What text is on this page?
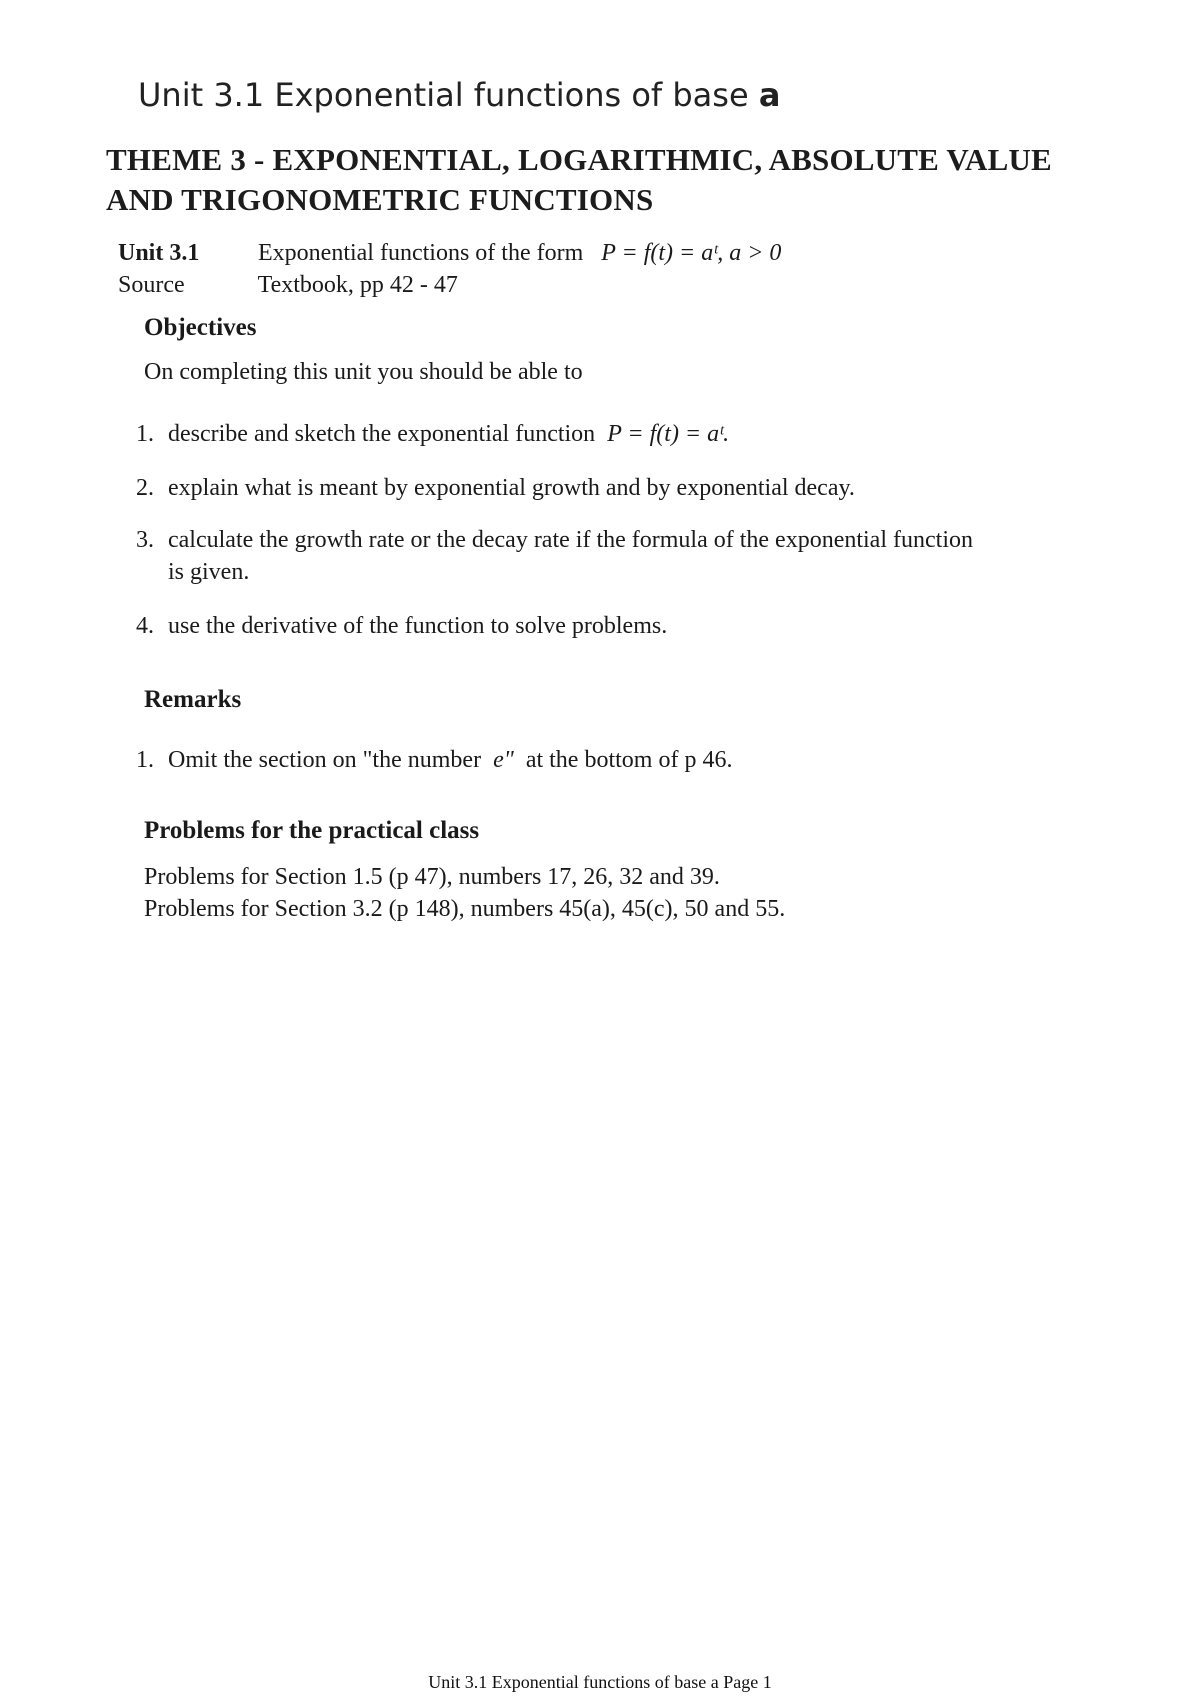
Unit 3.1 Exponential functions of base a
THEME 3 - EXPONENTIAL, LOGARITHMIC, ABSOLUTE VALUE
AND TRIGONOMETRIC FUNCTIONS
Unit 3.1 Exponential functions of the form P = f(t) = aᵗ, a > 0
Source	Textbook, pp 42 - 47
Objectives
On completing this unit you should be able to
1. describe and sketch the exponential function P = f(t) = aᵗ.
2. explain what is meant by exponential growth and by exponential decay.
3. calculate the growth rate or the decay rate if the formula of the exponential function
is given.
4. use the derivative of the function to solve problems.
Remarks
1. Omit the section on "the number e" at the bottom of p 46.
Problems for the practical class
Problems for Section 1.5 (p 47), numbers 17, 26, 32 and 39.
Problems for Section 3.2 (p 148), numbers 45(a), 45(c), 50 and 55.
Unit 3.1 Exponential functions of base a Page 1
